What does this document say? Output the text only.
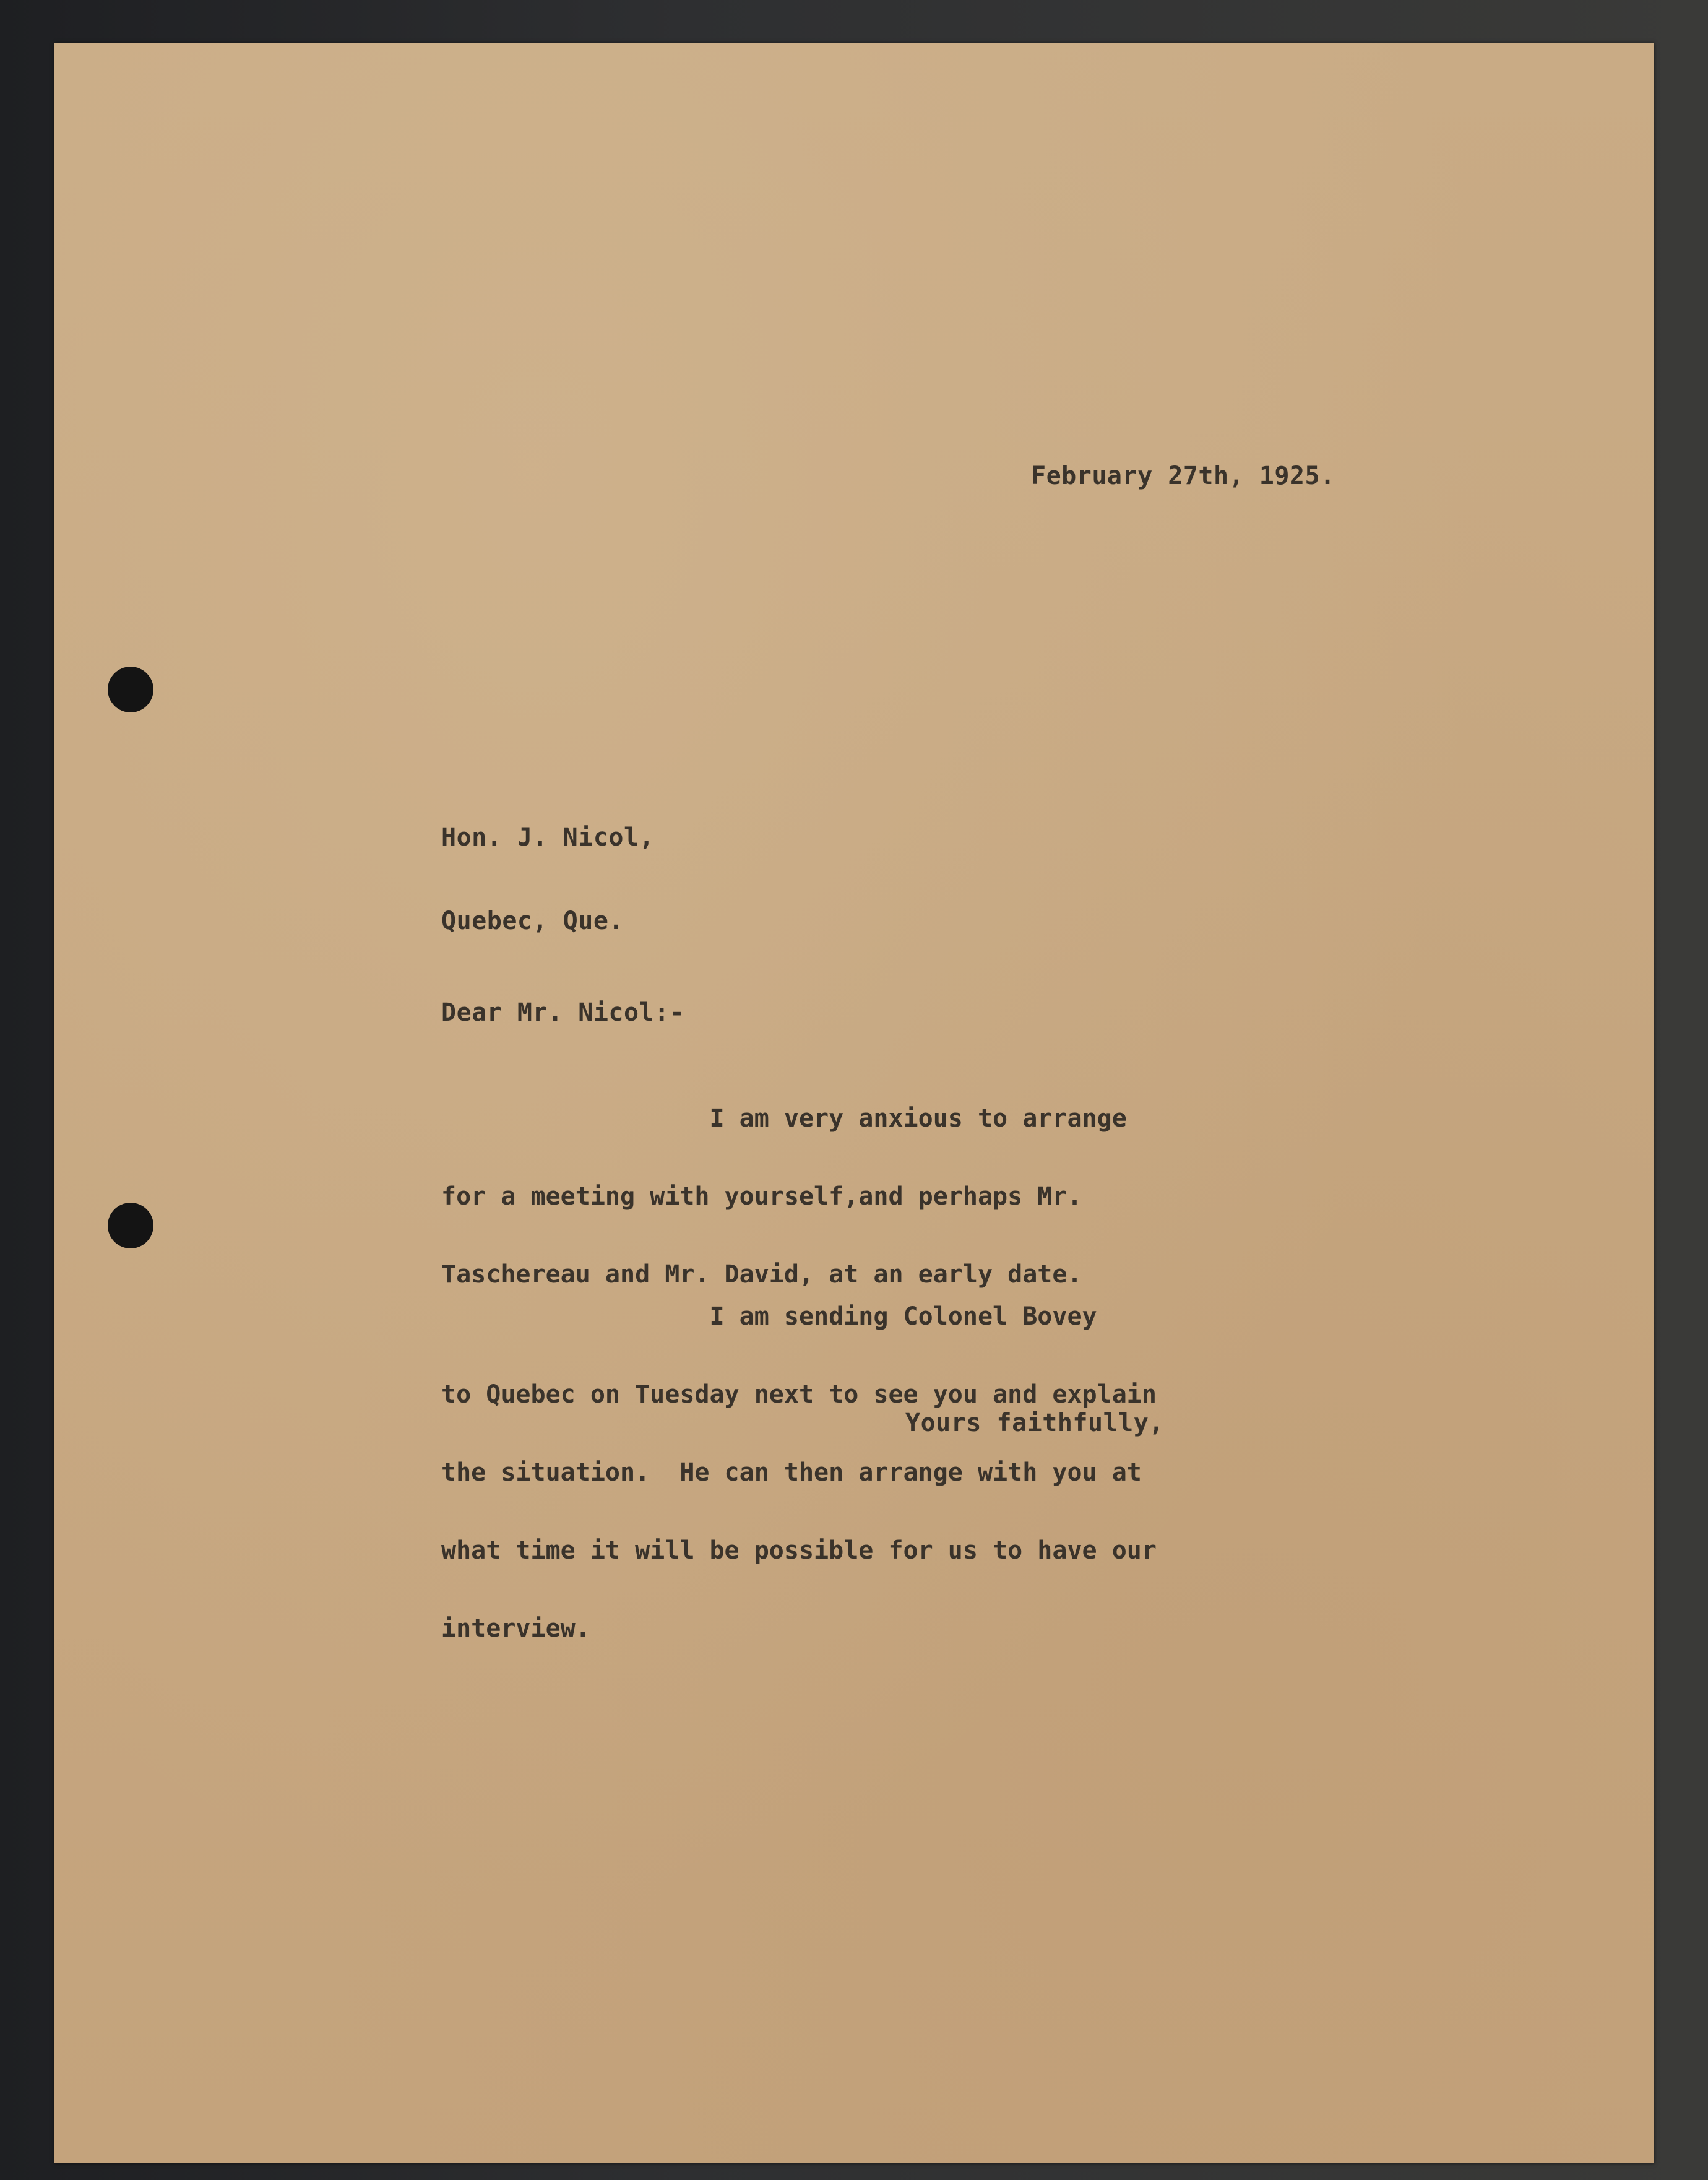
February 27th, 1925.

Hon. J. Nicol,

Quebec, Que.

Dear Mr. Nicol:-

I am very anxious to arrange

for a meeting with yourself,and perhaps Mr.

Taschereau and Mr. David, at an early date.

I am sending Colonel Bovey

to Quebec on Tuesday next to see you and explain

the situation.  He can then arrange with you at

what time it will be possible for us to have our

interview.

Yours faithfully,
